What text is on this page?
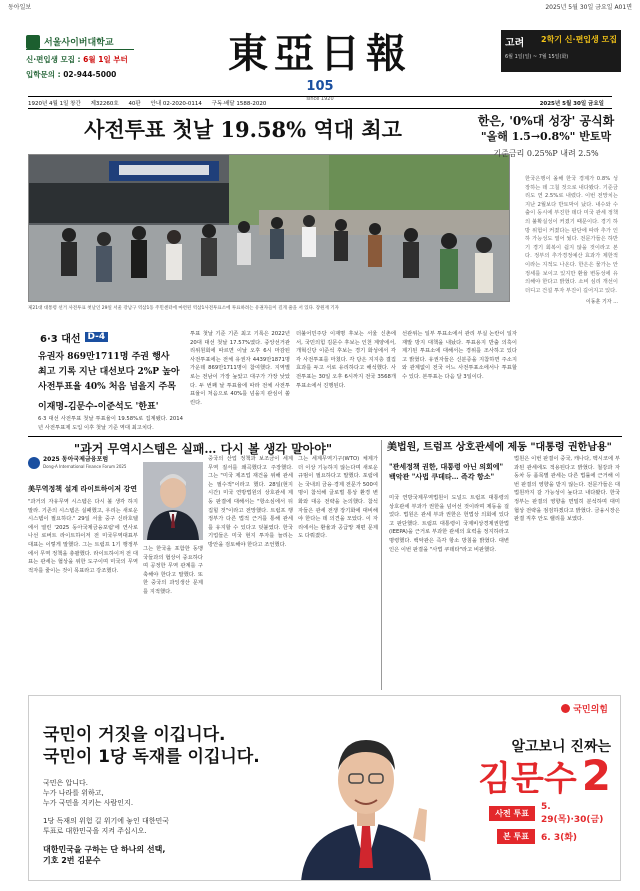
동아일보	2025년 5월 30일 금요일 A01면
서울사이버대학교
신·편입생 모집 : 6월 1일 부터
입학문의 : 02-944-5000	東亞日報
105
since 1920
고려 2학기 신·편입생 모집
6월 1일(일) ~ 7월 15일(화)
1920년 4월 1일 창간 제32260호 40판 안내 02-2020-0114 구독·배달 1588-2020	2025년 5월 30일 금요일
사전투표 첫날 19.58% 역대 최고
제21대 대통령 선거 사전투표 첫날인 29일 서울 강남구 역삼1동 주민센터에 마련된 역삼1사전투표소에 투표하려는 유권자들이 길게 줄을 서 있다. 장원재 기자
한은, '0%대 성장' 공식화
"올해 1.5→0.8%" 반토막
기준금리 0.25%P 내려 2.5%
한국은행이 올해 한국 경제가 0.8% 성장하는 데 그칠 것으로 내다봤다. 기준금리도 연 2.5%로 내렸다. 이번 전망치는 지난 2월보다 반토막이 났다. 내수와 수출이 동시에 부진한 데다 미국 관세 정책의 불확실성이 커졌기 때문이다. 경기 하방 위험이 커졌다는 판단에 따라 추가 인하 가능성도 열어 뒀다. 전문가들은 하반기 경기 회복이 쉽지 않을 것이라고 본다. 정부의 추가경정예산 효과가 제한적이라는 지적도 나온다. 한은은 물가는 안정세를 보이고 있지만 환율 변동성에 유의해야 한다고 밝혔다. 소비 심리 개선이 더디고 건설 투자 부진이 길어지고 있다.
이동훈 기자 ...
6·3 대선 D-4
유권자 869만1711명 주권 행사
최고 기록 지난 대선보다 2%P 높아
사전투표율 40% 처음 넘을지 주목
이재명-김문수-이준석도 '한표'
6·3 대선 사전투표 첫날 투표율이 19.58%로 집계됐다. 2014년 사전투표제 도입 이후 첫날 기준 역대 최고치다.
투표 첫날 기준 기존 최고 기록은 2022년 20대 대선 첫날 17.57%였다. 중앙선거관리위원회에 따르면 이날 오후 6시 마감된 사전투표에는 전체 유권자 4439만1871명 가운데 869만1711명이 참여했다. 지역별로는 전남이 가장 높았고 대구가 가장 낮았다. 두 번째 날 투표율에 따라 전체 사전투표율이 처음으로 40%를 넘을지 관심이 쏠린다.
더불어민주당 이재명 후보는 서울 신촌에서, 국민의힘 김문수 후보는 인천 계양에서, 개혁신당 이준석 후보는 경기 화성에서 각각 사전투표를 마쳤다. 각 당은 지지층 결집 효과를 두고 서로 유리하다고 해석했다. 사전투표는 30일 오후 6시까지 전국 3568개 투표소에서 진행된다.
선관위는 일부 투표소에서 관리 부실 논란이 일자 재발 방지 대책을 내놨다. 투표용지 반출 의혹이 제기된 투표소에 대해서는 경위를 조사하고 있다고 밝혔다. 유권자들은 신분증을 지참하면 주소지와 관계없이 전국 어느 사전투표소에서나 투표할 수 있다. 본투표는 다음 달 3일이다.
"과거 무역시스템은 실패… 다시 볼 생각 말아야"
2025 동아국제금융포럼
Dong-A International Finance Forum 2025
美무역정책 설계 라이트하이저 강연
"과거의 자유무역 시스템은 다시 볼 생각 하지 말라. 기존의 시스템은 실패했고, 우리는 새로운 시스템이 필요하다." 29일 서울 중구 신라호텔에서 열린 '2025 동아국제금융포럼'에 연사로 나선 로버트 라이트하이저 전 미국무역대표부 대표는 이렇게 말했다. 그는 트럼프 1기 행정부에서 무역 정책을 총괄했다. 라이트하이저 전 대표는 관세는 협상을 위한 도구이며 미국의 무역적자를 줄이는 것이 목표라고 강조했다.
그는 한국을 포함한 동맹국들과의 협상이 중요하다며 공정한 무역 관계를 구축해야 한다고 말했다. 또한 중국의 과잉생산 문제를 지적했다.
중국의 산업 정책과 보조금이 세계 무역 질서를 왜곡했다고 주장했다. 그는 "미국 제조업 재건을 위해 관세는 필수적"이라고 했다. 28일(현지 시간) 미국 연방법원의 상호관세 제동 판결에 대해서는 "항소심에서 뒤집힐 것"이라고 전망했다. 트럼프 행정부가 다른 법적 근거를 통해 관세를 유지할 수 있다고 덧붙였다. 한국 기업들은 미국 현지 투자를 늘리는 방안을 검토해야 한다고 조언했다.
그는 세계무역기구(WTO) 체제가 더 이상 기능하지 않는다며 새로운 규범이 필요하다고 말했다. 포럼에는 국내외 금융·경제 전문가 500여 명이 참석해 글로벌 통상 환경 변화와 대응 전략을 논의했다. 참석자들은 관세 전쟁 장기화에 대비해야 한다는 데 의견을 모았다. 이 자리에서는 환율과 공급망 재편 문제도 다뤄졌다.
美법원, 트럼프 상호관세에 제동 "대통령 권한남용"
"관세정책 권한, 대통령 아닌 의회에"
백악관 "사법 쿠데타… 즉각 항소"
미국 연방국제무역법원이 도널드 트럼프 대통령의 상호관세 부과가 권한을 넘어선 것이라며 제동을 걸었다. 법원은 관세 부과 권한은 헌법상 의회에 있다고 판단했다. 트럼프 대통령이 국제비상경제권한법(IEEPA)을 근거로 부과한 관세의 효력을 정지하라고 명령했다. 백악관은 즉각 항소 방침을 밝혔다. 대변인은 이번 판결을 "사법 쿠데타"라고 비판했다.
법원은 이번 판결이 중국, 캐나다, 멕시코에 부과된 관세에도 적용된다고 밝혔다. 철강과 자동차 등 품목별 관세는 다른 법률에 근거해 이번 판결의 영향을 받지 않는다. 전문가들은 대법원까지 갈 가능성이 높다고 내다봤다. 한국 정부는 판결의 영향을 면밀히 분석하며 대미 협상 전략을 점검하겠다고 밝혔다. 금융시장은 판결 직후 안도 랠리를 보였다.
국민의힘
국민이 거짓을 이깁니다.
국민이 1당 독재를 이깁니다.
국민은 압니다.
누가 나라를 위하고,
누가 국민을 지키는 사람인지.
1당 독재의 위험 길 위기에 놓인 대한민국
투표로 대한민국을 지켜 주십시오.
대한민국을 구하는 단 하나의 선택,
기호 2번 김문수
알고보니 진짜는
김문수 2
사전 투표
5. 29(목)·30(금)
본 투표	6. 3(화)
